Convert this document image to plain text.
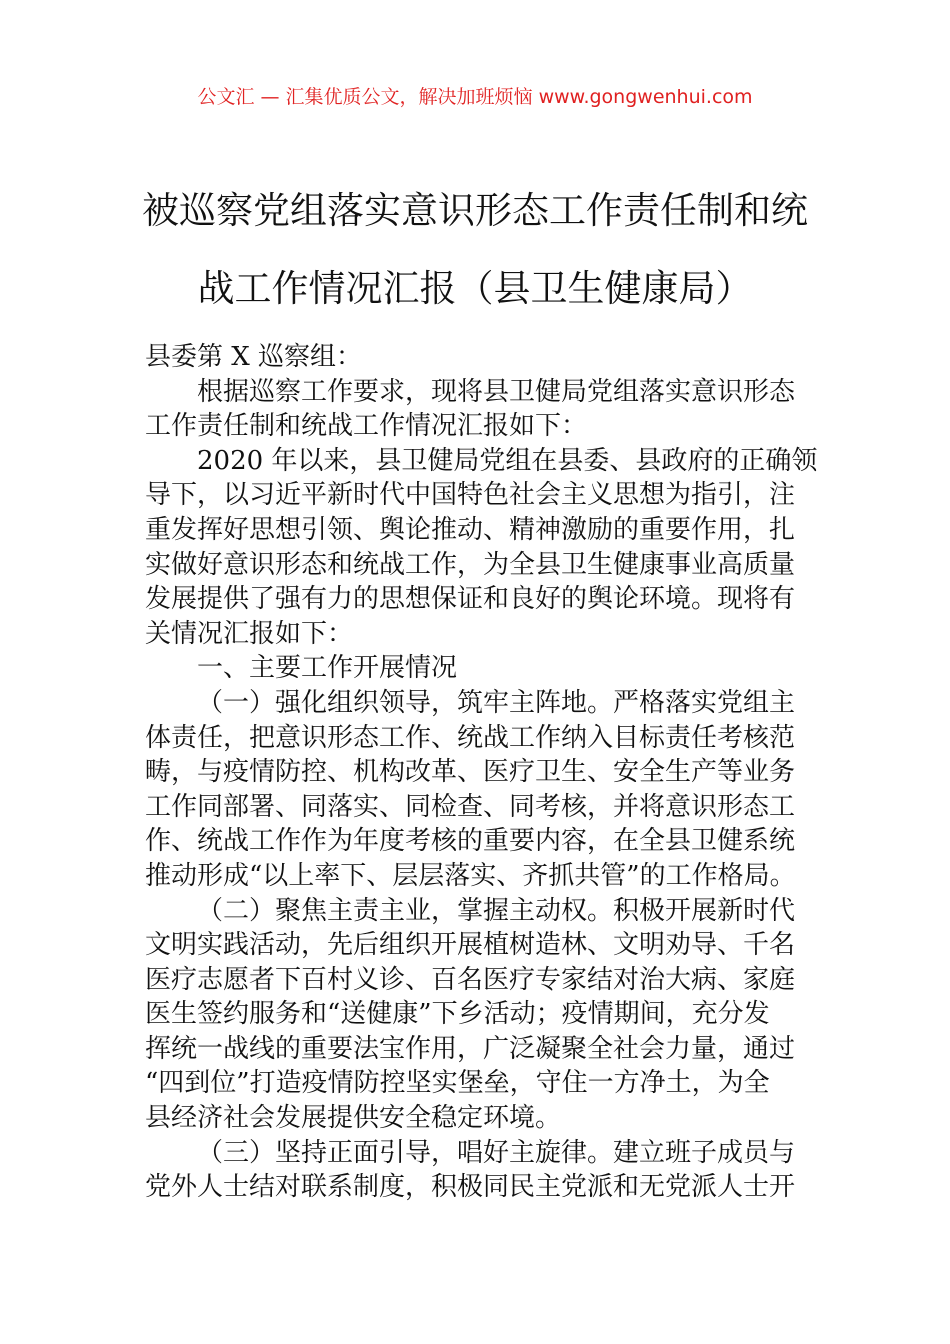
公文汇 — 汇集优质公文，解决加班烦恼 www.gongwenhui.com
被巡察党组落实意识形态工作责任制和统
战工作情况汇报（县卫生健康局）
县委第 X 巡察组：
根据巡察工作要求，现将县卫健局党组落实意识形态
工作责任制和统战工作情况汇报如下：
2020 年以来，县卫健局党组在县委、县政府的正确领
导下，以习近平新时代中国特色社会主义思想为指引，注
重发挥好思想引领、舆论推动、精神激励的重要作用，扎
实做好意识形态和统战工作，为全县卫生健康事业高质量
发展提供了强有力的思想保证和良好的舆论环境。现将有
关情况汇报如下：
一、主要工作开展情况
（一）强化组织领导，筑牢主阵地。严格落实党组主
体责任，把意识形态工作、统战工作纳入目标责任考核范
畴，与疫情防控、机构改革、医疗卫生、安全生产等业务
工作同部署、同落实、同检查、同考核，并将意识形态工
作、统战工作作为年度考核的重要内容，在全县卫健系统
推动形成“以上率下、层层落实、齐抓共管”的工作格局。
（二）聚焦主责主业，掌握主动权。积极开展新时代
文明实践活动，先后组织开展植树造林、文明劝导、千名
医疗志愿者下百村义诊、百名医疗专家结对治大病、家庭
医生签约服务和“送健康”下乡活动；疫情期间，充分发
挥统一战线的重要法宝作用，广泛凝聚全社会力量，通过
“四到位”打造疫情防控坚实堡垒，守住一方净土，为全
县经济社会发展提供安全稳定环境。
（三）坚持正面引导，唱好主旋律。建立班子成员与
党外人士结对联系制度，积极同民主党派和无党派人士开
